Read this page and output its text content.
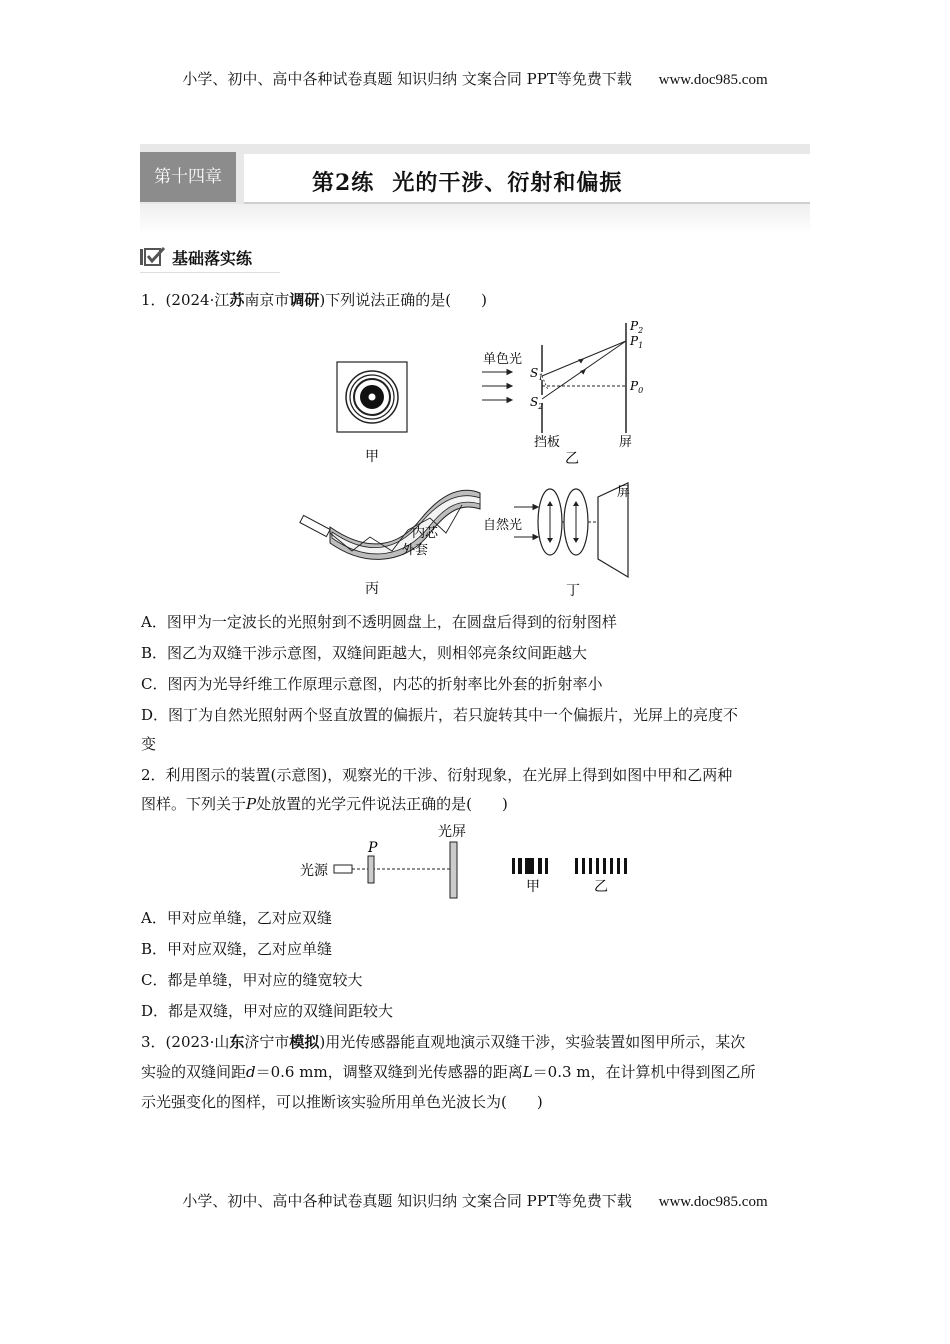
小学、初中、高中各种试卷真题 知识归纳 文案合同 PPT等免费下载 www.doc985.com
第十四章	第2练 光的干涉、衍射和偏振
基础落实练
1．(2024·江苏南京市调研)下列说法正确的是(　　)
甲
单色光
$S_1$
$S_2$
$P_2$
$P_1$
$P_0$
挡板	屏
乙
内芯
外套
丙
自然光
屏
丁
A．图甲为一定波长的光照射到不透明圆盘上，在圆盘后得到的衍射图样
B．图乙为双缝干涉示意图，双缝间距越大，则相邻亮条纹间距越大
C．图丙为光导纤维工作原理示意图，内芯的折射率比外套的折射率小
D．图丁为自然光照射两个竖直放置的偏振片，若只旋转其中一个偏振片，光屏上的亮度不
变
2．利用图示的装置(示意图)，观察光的干涉、衍射现象，在光屏上得到如图中甲和乙两种
图样。下列关于P处放置的光学元件说法正确的是(　　)
光源
P
光屏
甲	乙
A．甲对应单缝，乙对应双缝
B．甲对应双缝，乙对应单缝
C．都是单缝，甲对应的缝宽较大
D．都是双缝，甲对应的双缝间距较大
3．(2023·山东济宁市模拟)用光传感器能直观地演示双缝干涉，实验装置如图甲所示，某次
实验的双缝间距d＝0.6 mm，调整双缝到光传感器的距离L＝0.3 m，在计算机中得到图乙所
示光强变化的图样，可以推断该实验所用单色光波长为(　　)
小学、初中、高中各种试卷真题 知识归纳 文案合同 PPT等免费下载 www.doc985.com
